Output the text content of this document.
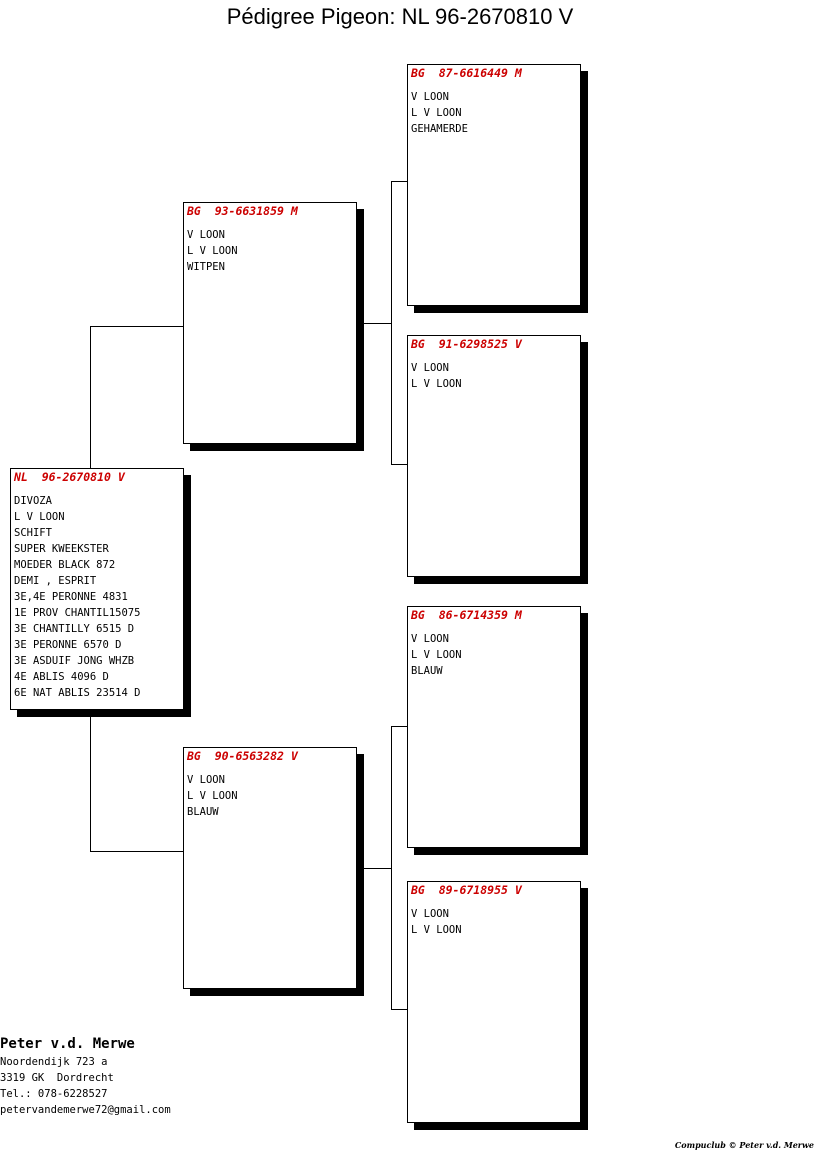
Pédigree Pigeon: NL 96-2670810 V
NL  96-2670810 V
DIVOZA
L V LOON
SCHIFT
SUPER KWEEKSTER
MOEDER BLACK 872
DEMI , ESPRIT
3E,4E PERONNE 4831
1E PROV CHANTIL15075
3E CHANTILLY 6515 D
3E PERONNE 6570 D
3E ASDUIF JONG WHZB
4E ABLIS 4096 D
6E NAT ABLIS 23514 D
BG  93-6631859 M
V LOON
L V LOON
WITPEN
BG  90-6563282 V
V LOON
L V LOON
BLAUW
BG  87-6616449 M
V LOON
L V LOON
GEHAMERDE
BG  91-6298525 V
V LOON
L V LOON
BG  86-6714359 M
V LOON
L V LOON
BLAUW
BG  89-6718955 V
V LOON
L V LOON
Peter v.d. Merwe
Noordendijk 723 a
3319 GK  Dordrecht
Tel.: 078-6228527
petervandemerwe72@gmail.com
Compuclub © Peter v.d. Merwe
